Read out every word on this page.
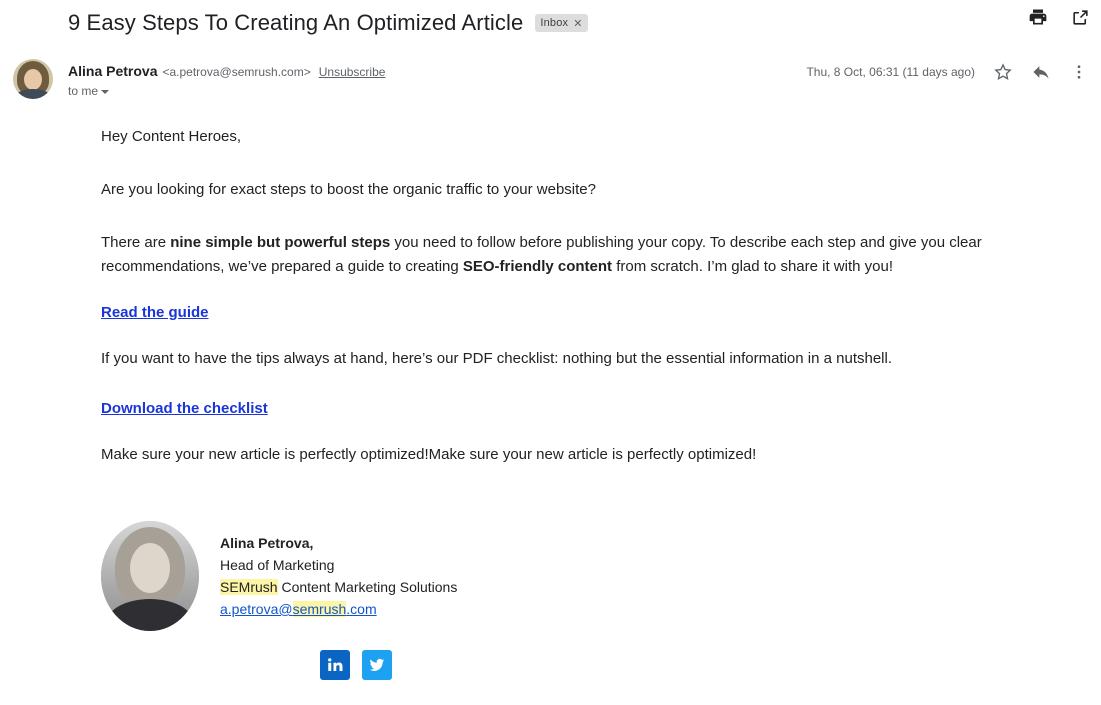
9 Easy Steps To Creating An Optimized Article Inbox ✕
Alina Petrova <a.petrova@semrush.com> Unsubscribe
to me
Thu, 8 Oct, 06:31 (11 days ago)

Hey Content Heroes,

Are you looking for exact steps to boost the organic traffic to your website?

There are nine simple but powerful steps you need to follow before publishing your copy. To describe each step and give you clear recommendations, we’ve prepared a guide to creating SEO-friendly content from scratch. I’m glad to share it with you!

Read the guide

If you want to have the tips always at hand, here’s our PDF checklist: nothing but the essential information in a nutshell.

Download the checklist

Make sure your new article is perfectly optimized!Make sure your new article is perfectly optimized!

Alina Petrova,
Head of Marketing
SEMrush Content Marketing Solutions
a.petrova@semrush.com
